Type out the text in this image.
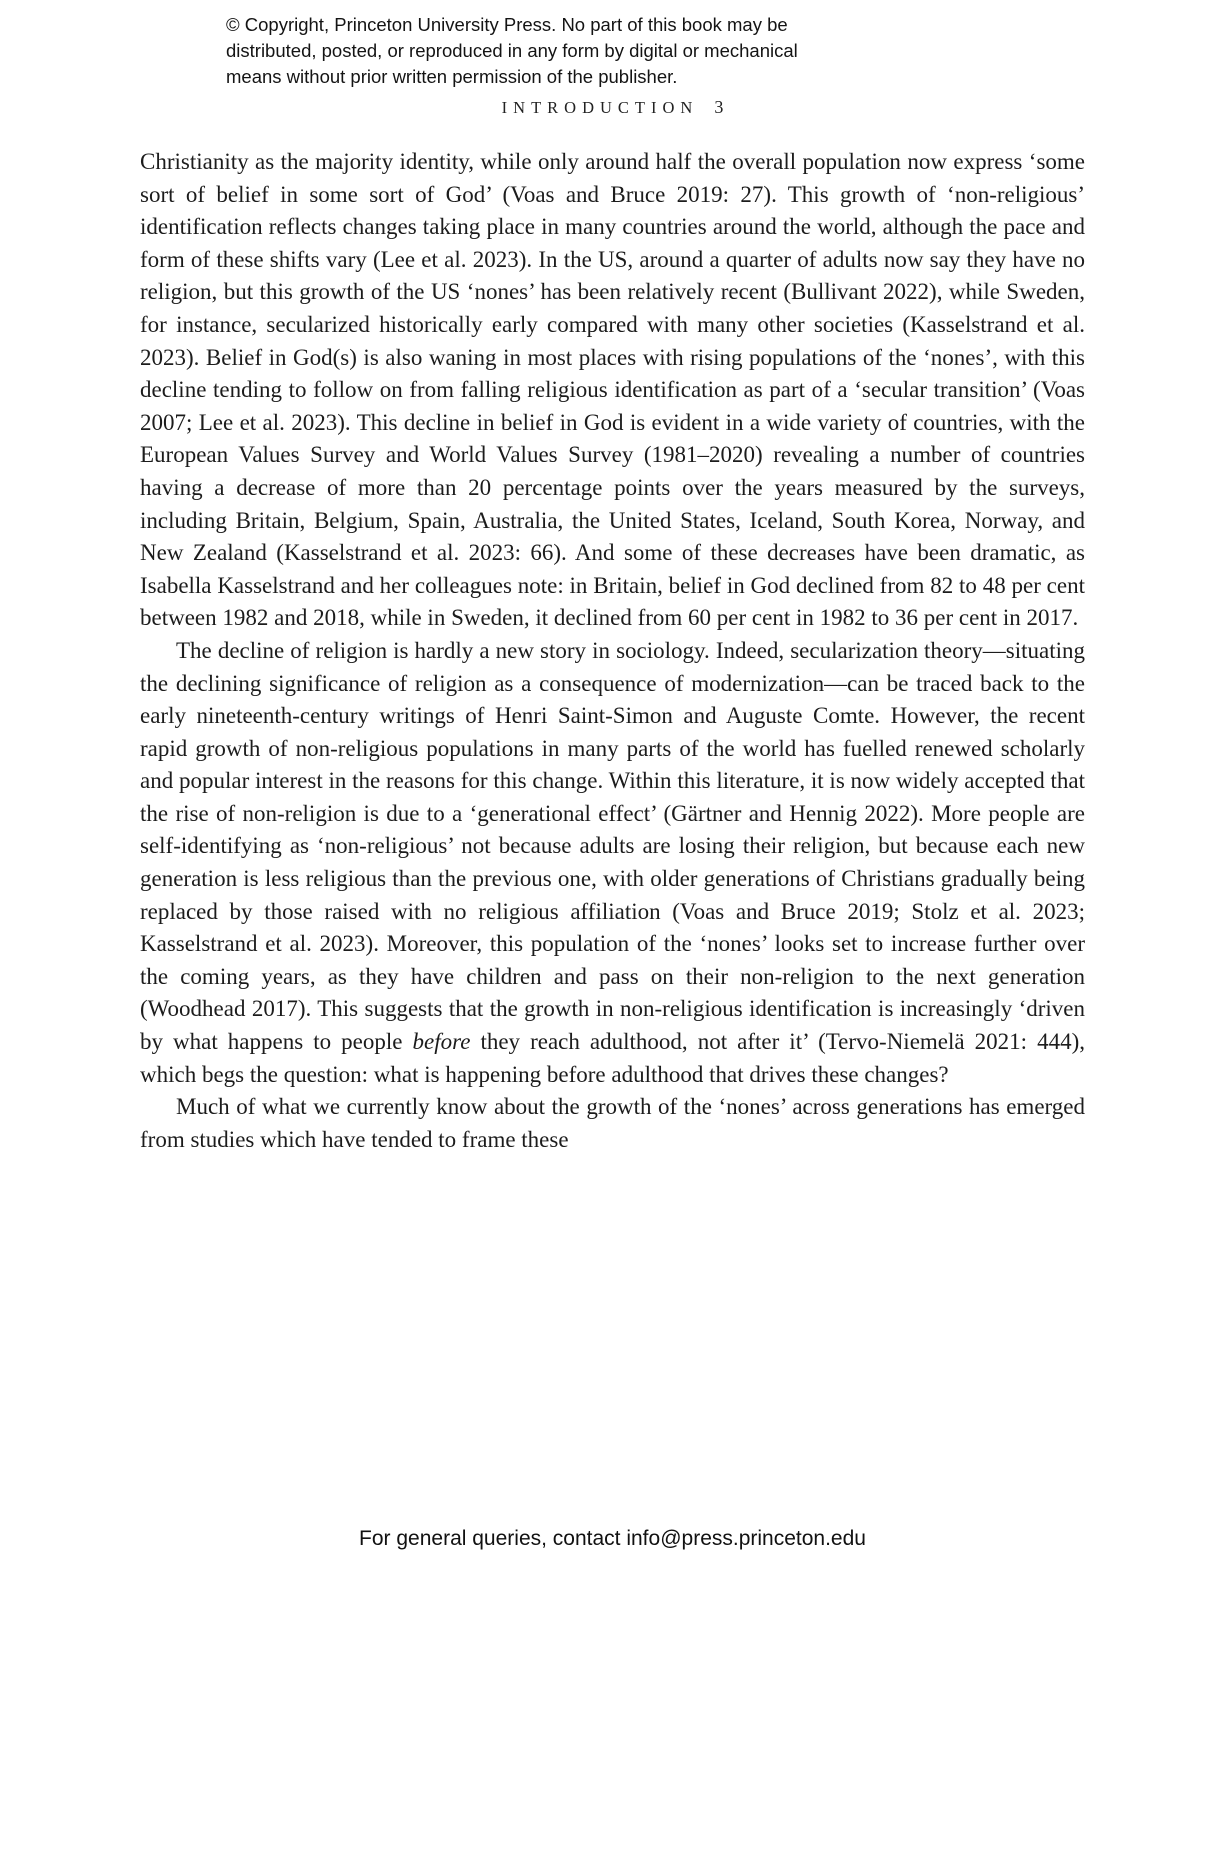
© Copyright, Princeton University Press. No part of this book may be
distributed, posted, or reproduced in any form by digital or mechanical
means without prior written permission of the publisher.
INTRODUCTION 3

Christianity as the majority identity, while only around half the overall population now express ‘some sort of belief in some sort of God’ (Voas and Bruce 2019: 27). This growth of ‘non-religious’ identification reflects changes taking place in many countries around the world, although the pace and form of these shifts vary (Lee et al. 2023). In the US, around a quarter of adults now say they have no religion, but this growth of the US ‘nones’ has been relatively recent (Bullivant 2022), while Sweden, for instance, secularized historically early compared with many other societies (Kasselstrand et al. 2023). Belief in God(s) is also waning in most places with rising populations of the ‘nones’, with this decline tending to follow on from falling religious identification as part of a ‘secular transition’ (Voas 2007; Lee et al. 2023). This decline in belief in God is evident in a wide variety of countries, with the European Values Survey and World Values Survey (1981–2020) revealing a number of countries having a decrease of more than 20 percentage points over the years measured by the surveys, including Britain, Belgium, Spain, Australia, the United States, Iceland, South Korea, Norway, and New Zealand (Kasselstrand et al. 2023: 66). And some of these decreases have been dramatic, as Isabella Kasselstrand and her colleagues note: in Britain, belief in God declined from 82 to 48 per cent between 1982 and 2018, while in Sweden, it declined from 60 per cent in 1982 to 36 per cent in 2017.

The decline of religion is hardly a new story in sociology. Indeed, secularization theory—situating the declining significance of religion as a consequence of modernization—can be traced back to the early nineteenth-century writings of Henri Saint-Simon and Auguste Comte. However, the recent rapid growth of non-religious populations in many parts of the world has fuelled renewed scholarly and popular interest in the reasons for this change. Within this literature, it is now widely accepted that the rise of non-religion is due to a ‘generational effect’ (Gärtner and Hennig 2022). More people are self-identifying as ‘non-religious’ not because adults are losing their religion, but because each new generation is less religious than the previous one, with older generations of Christians gradually being replaced by those raised with no religious affiliation (Voas and Bruce 2019; Stolz et al. 2023; Kasselstrand et al. 2023). Moreover, this population of the ‘nones’ looks set to increase further over the coming years, as they have children and pass on their non-religion to the next generation (Woodhead 2017). This suggests that the growth in non-religious identification is increasingly ‘driven by what happens to people before they reach adulthood, not after it’ (Tervo-Niemelä 2021: 444), which begs the question: what is happening before adulthood that drives these changes?

Much of what we currently know about the growth of the ‘nones’ across generations has emerged from studies which have tended to frame these

For general queries, contact info@press.princeton.edu
